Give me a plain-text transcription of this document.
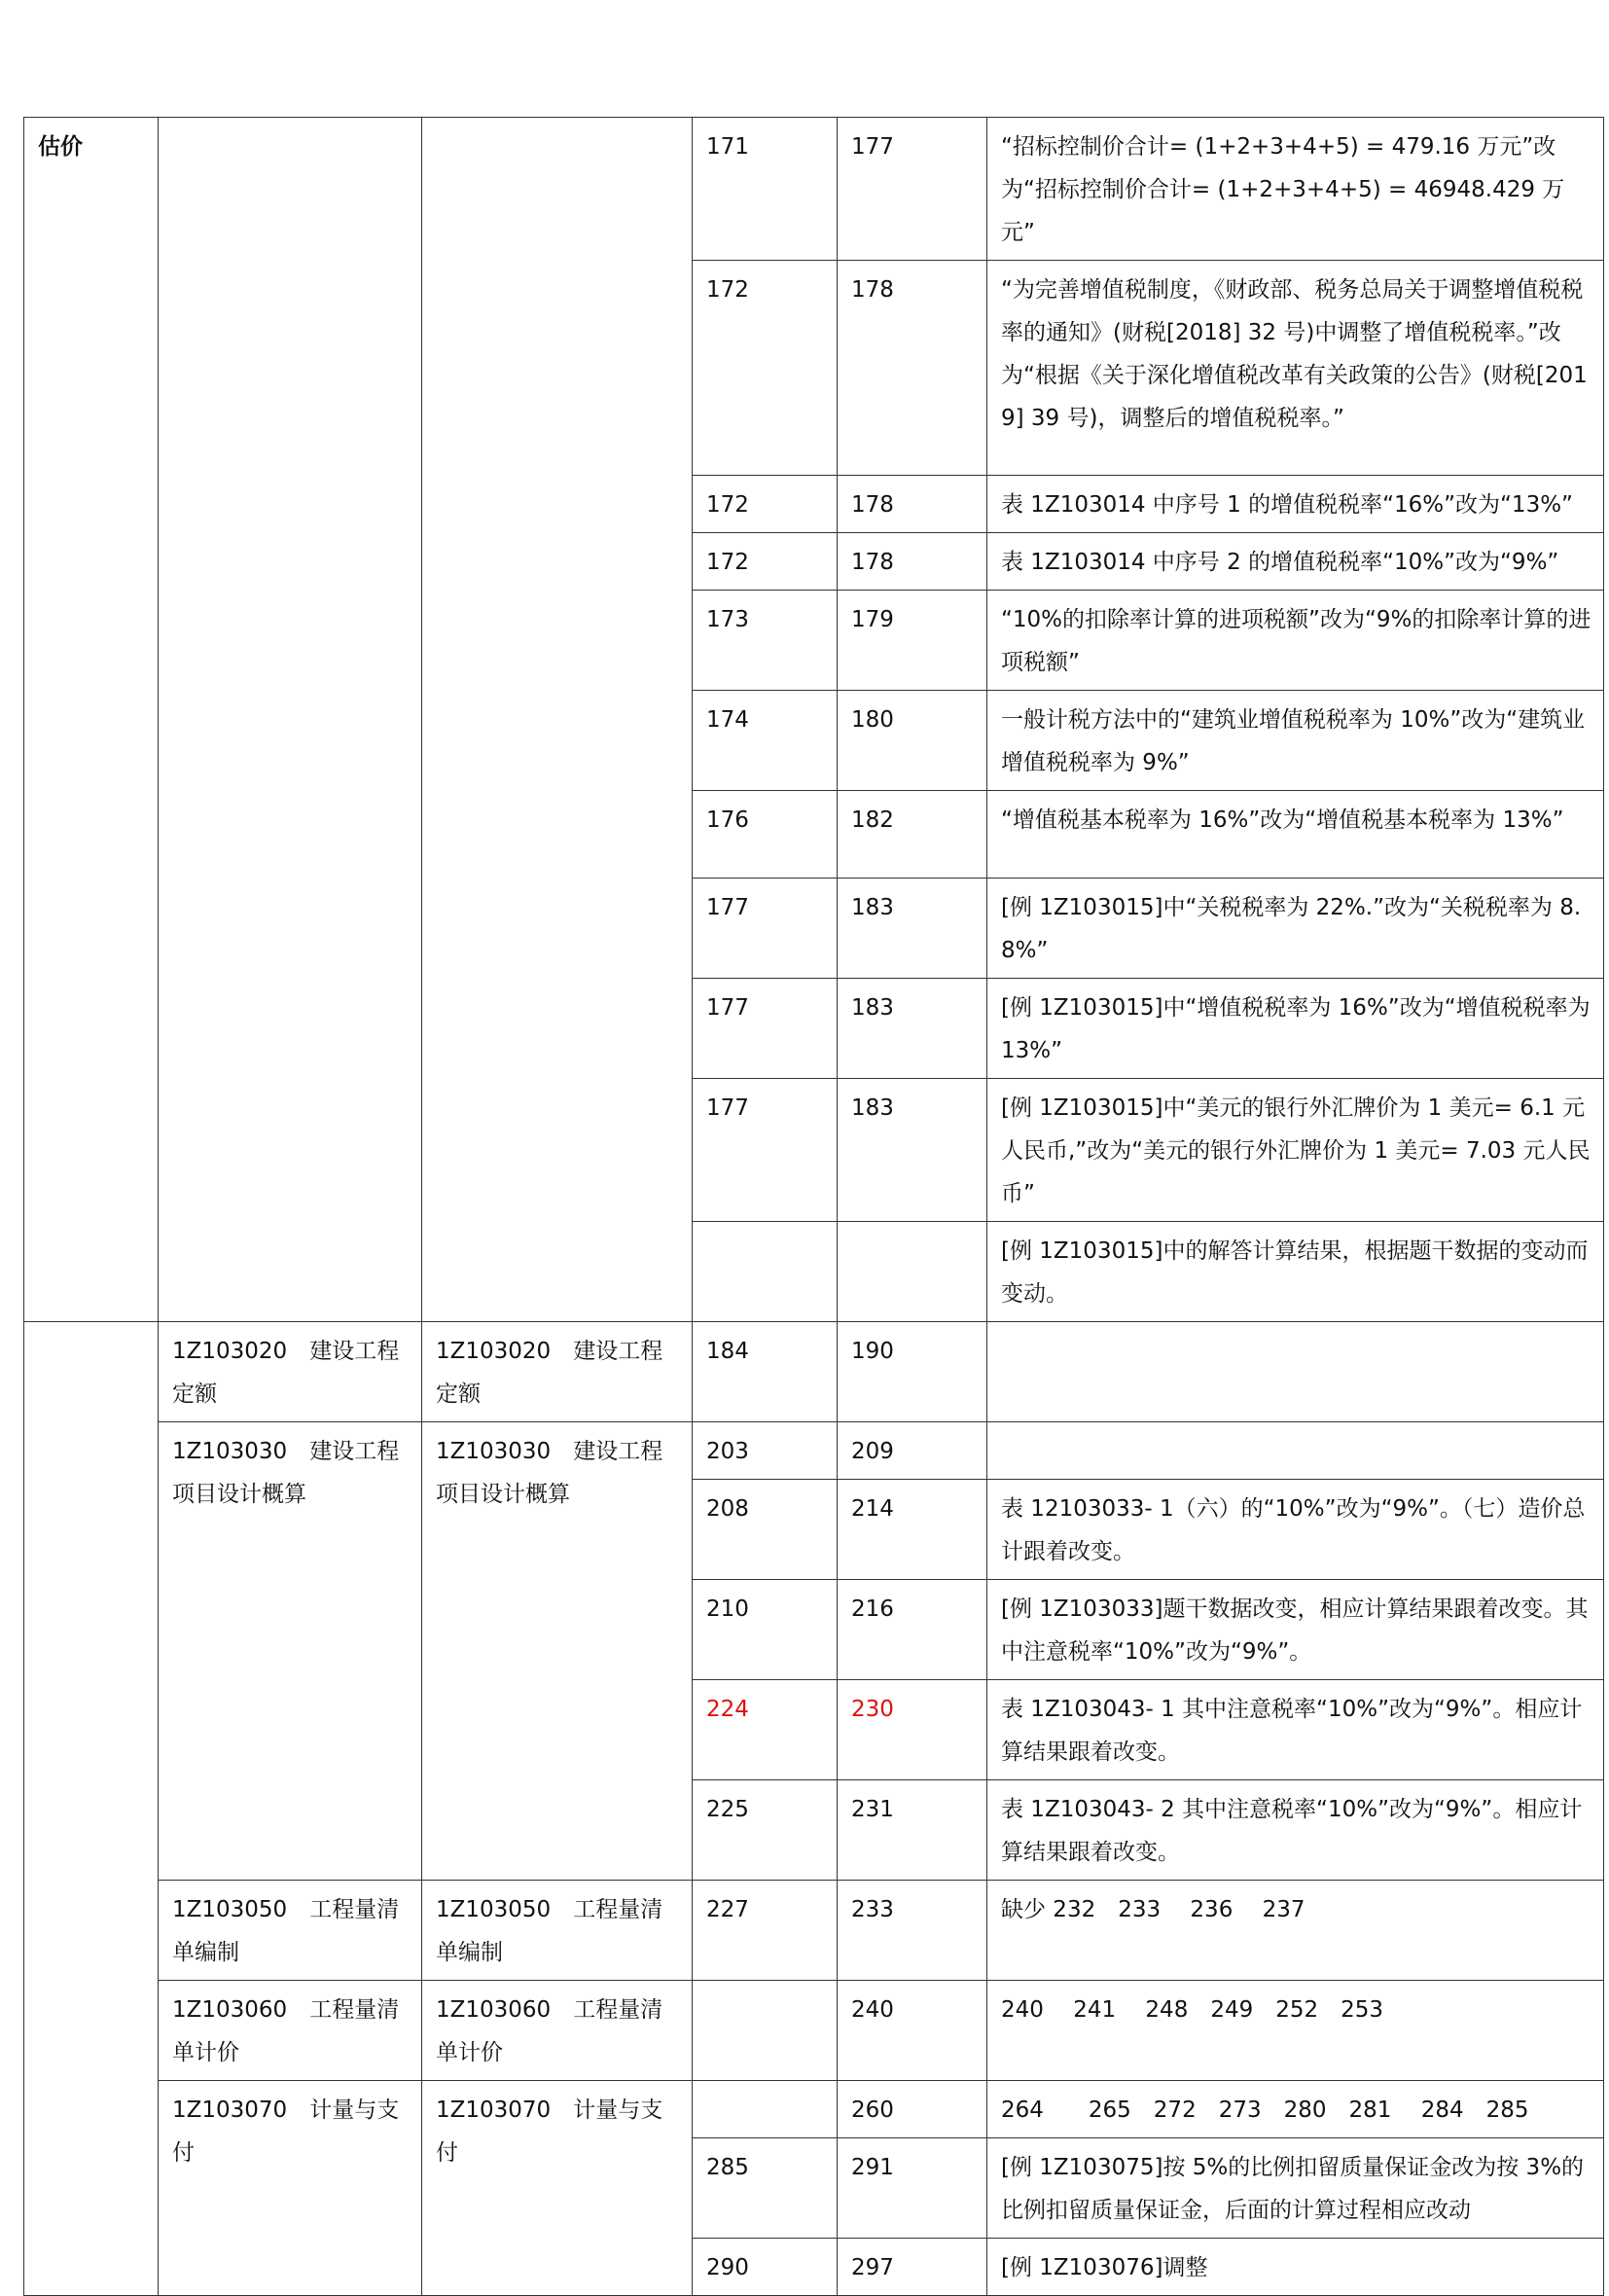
估价			171	177	“招标控制价合计= (1+2+3+4+5) = 479.16 万元”改为“招标控制价合计= (1+2+3+4+5) = 46948.429 万元”
			172	178	“为完善增值税制度，《财政部、税务总局关于调整增值税税率的通知》(财税[2018] 32 号)中调整了增值税税率。”改为“根据《关于深化增值税改革有关政策的公告》(财税[2019] 39 号)，调整后的增值税税率。”
			172	178	表 1Z103014 中序号 1 的增值税税率“16%”改为“13%”
			172	178	表 1Z103014 中序号 2 的增值税税率“10%”改为“9%”
			173	179	“10%的扣除率计算的进项税额”改为“9%的扣除率计算的进项税额”
			174	180	一般计税方法中的“建筑业增值税税率为 10%”改为“建筑业增值税税率为 9%”
			176	182	“增值税基本税率为 16%”改为“增值税基本税率为 13%”
			177	183	[例 1Z103015]中“关税税率为 22%.”改为“关税税率为 8.8%”
			177	183	[例 1Z103015]中“增值税税率为 16%”改为“增值税税率为 13%”
			177	183	[例 1Z103015]中“美元的银行外汇牌价为 1 美元= 6.1 元人民币,”改为“美元的银行外汇牌价为 1 美元= 7.03 元人民币”
					[例 1Z103015]中的解答计算结果，根据题干数据的变动而变动。
	1Z103020　建设工程定额	1Z103020　建设工程定额	184	190	
	1Z103030　建设工程项目设计概算	1Z103030　建设工程项目设计概算	203	209	
			208	214	表 12103033- 1（六）的“10%”改为“9%”。（七）造价总计跟着改变。
			210	216	[例 1Z103033]题干数据改变，相应计算结果跟着改变。其中注意税率“10%”改为“9%”。
			224	230	表 1Z103043- 1 其中注意税率“10%”改为“9%”。相应计算结果跟着改变。
			225	231	表 1Z103043- 2 其中注意税率“10%”改为“9%”。相应计算结果跟着改变。
	1Z103050　工程量清单编制	1Z103050　工程量清单编制	227	233	缺少 232　233　 236　 237
	1Z103060　工程量清单计价	1Z103060　工程量清单计价		240	240　 241　 248　249　252　253
	1Z103070　计量与支付	1Z103070　计量与支付		260	264　　265　272　273　280　281　 284　285
			285	291	[例 1Z103075]按 5%的比例扣留质量保证金改为按 3%的比例扣留质量保证金，后面的计算过程相应改动
			290	297	[例 1Z103076]调整
